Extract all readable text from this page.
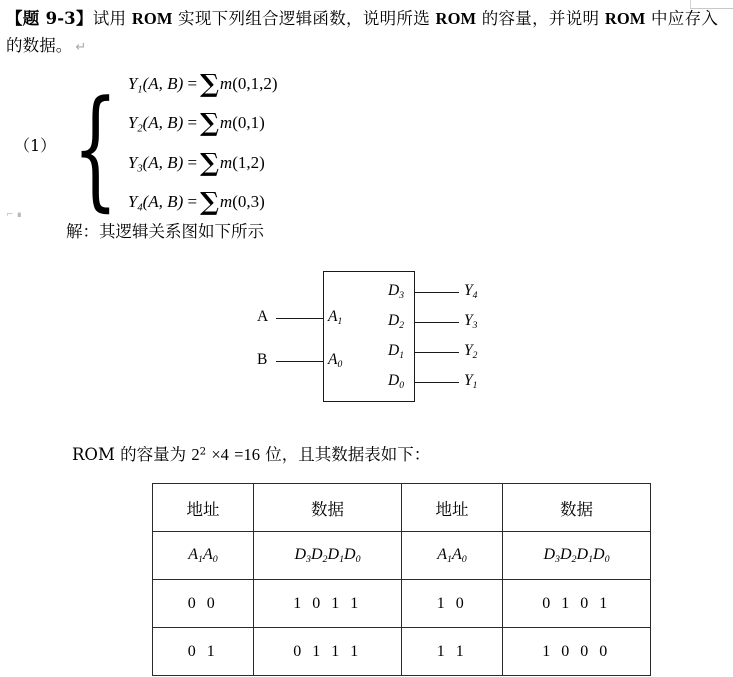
【题 9-3】试用 ROM 实现下列组合逻辑函数，说明所选 ROM 的容量，并说明 ROM 中应存入的数据。 ↵
（1） { $Y_1(A$, B) = ∑m(0,1,2)
$Y_2(A$, B) = ∑m(0,1)
$Y_3(A$, B) = ∑m(1,2)
$Y_4(A$, B) = ∑m(0,3)
⌐ ∎
解：其逻辑关系图如下所示
A
B
$A_1$
$A_0$
$D_3$
$D_2$
$D_1$
$D_0$
$Y_4$
$Y_3$
$Y_2$
$Y_1$
ROM 的容量为 $2^2 \times 4 =16$ 位，且其数据表如下：
地址	数据	地址	数据
$A_1A_0$	$D_3D_2D_1D_0$	$A_1A_0$	$D_3D_2D_1D_0$
0 0	1 0 1 1	1 0	0 1 0 1
0 1	0 1 1 1	1 1	1 0 0 0
